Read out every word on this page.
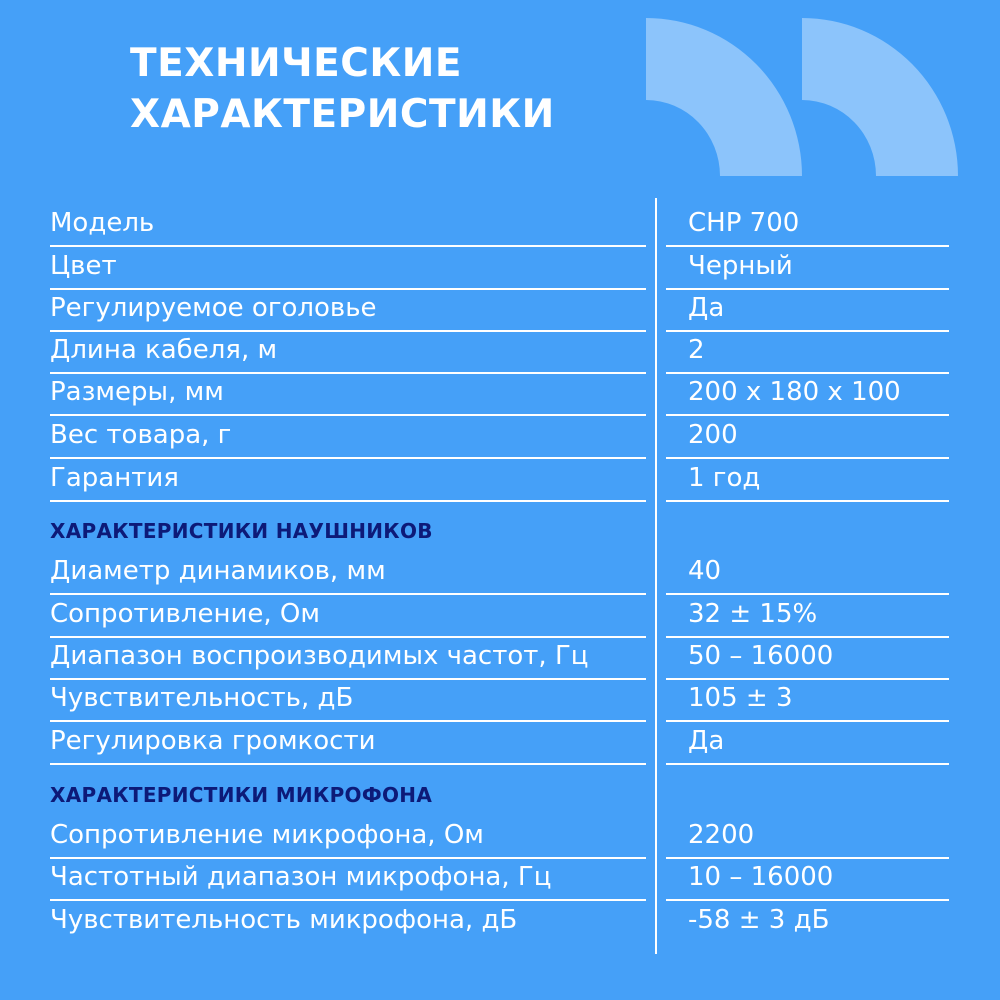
ТЕХНИЧЕСКИЕ
ХАРАКТЕРИСТИКИ
Модель	CHP 700
Цвет	Черный
Регулируемое оголовье	Да
Длина кабеля, м	2
Размеры, мм	200 x 180 x 100
Вес товара, г	200
Гарантия	1 год
ХАРАКТЕРИСТИКИ НАУШНИКОВ
Диаметр динамиков, мм	40
Сопротивление, Ом	32 ± 15%
Диапазон воспроизводимых частот, Гц	50 – 16000
Чувствительность, дБ	105 ± 3
Регулировка громкости	Да
ХАРАКТЕРИСТИКИ МИКРОФОНА
Сопротивление микрофона, Ом	2200
Частотный диапазон микрофона, Гц	10 – 16000
Чувствительность микрофона, дБ	-58 ± 3 дБ
